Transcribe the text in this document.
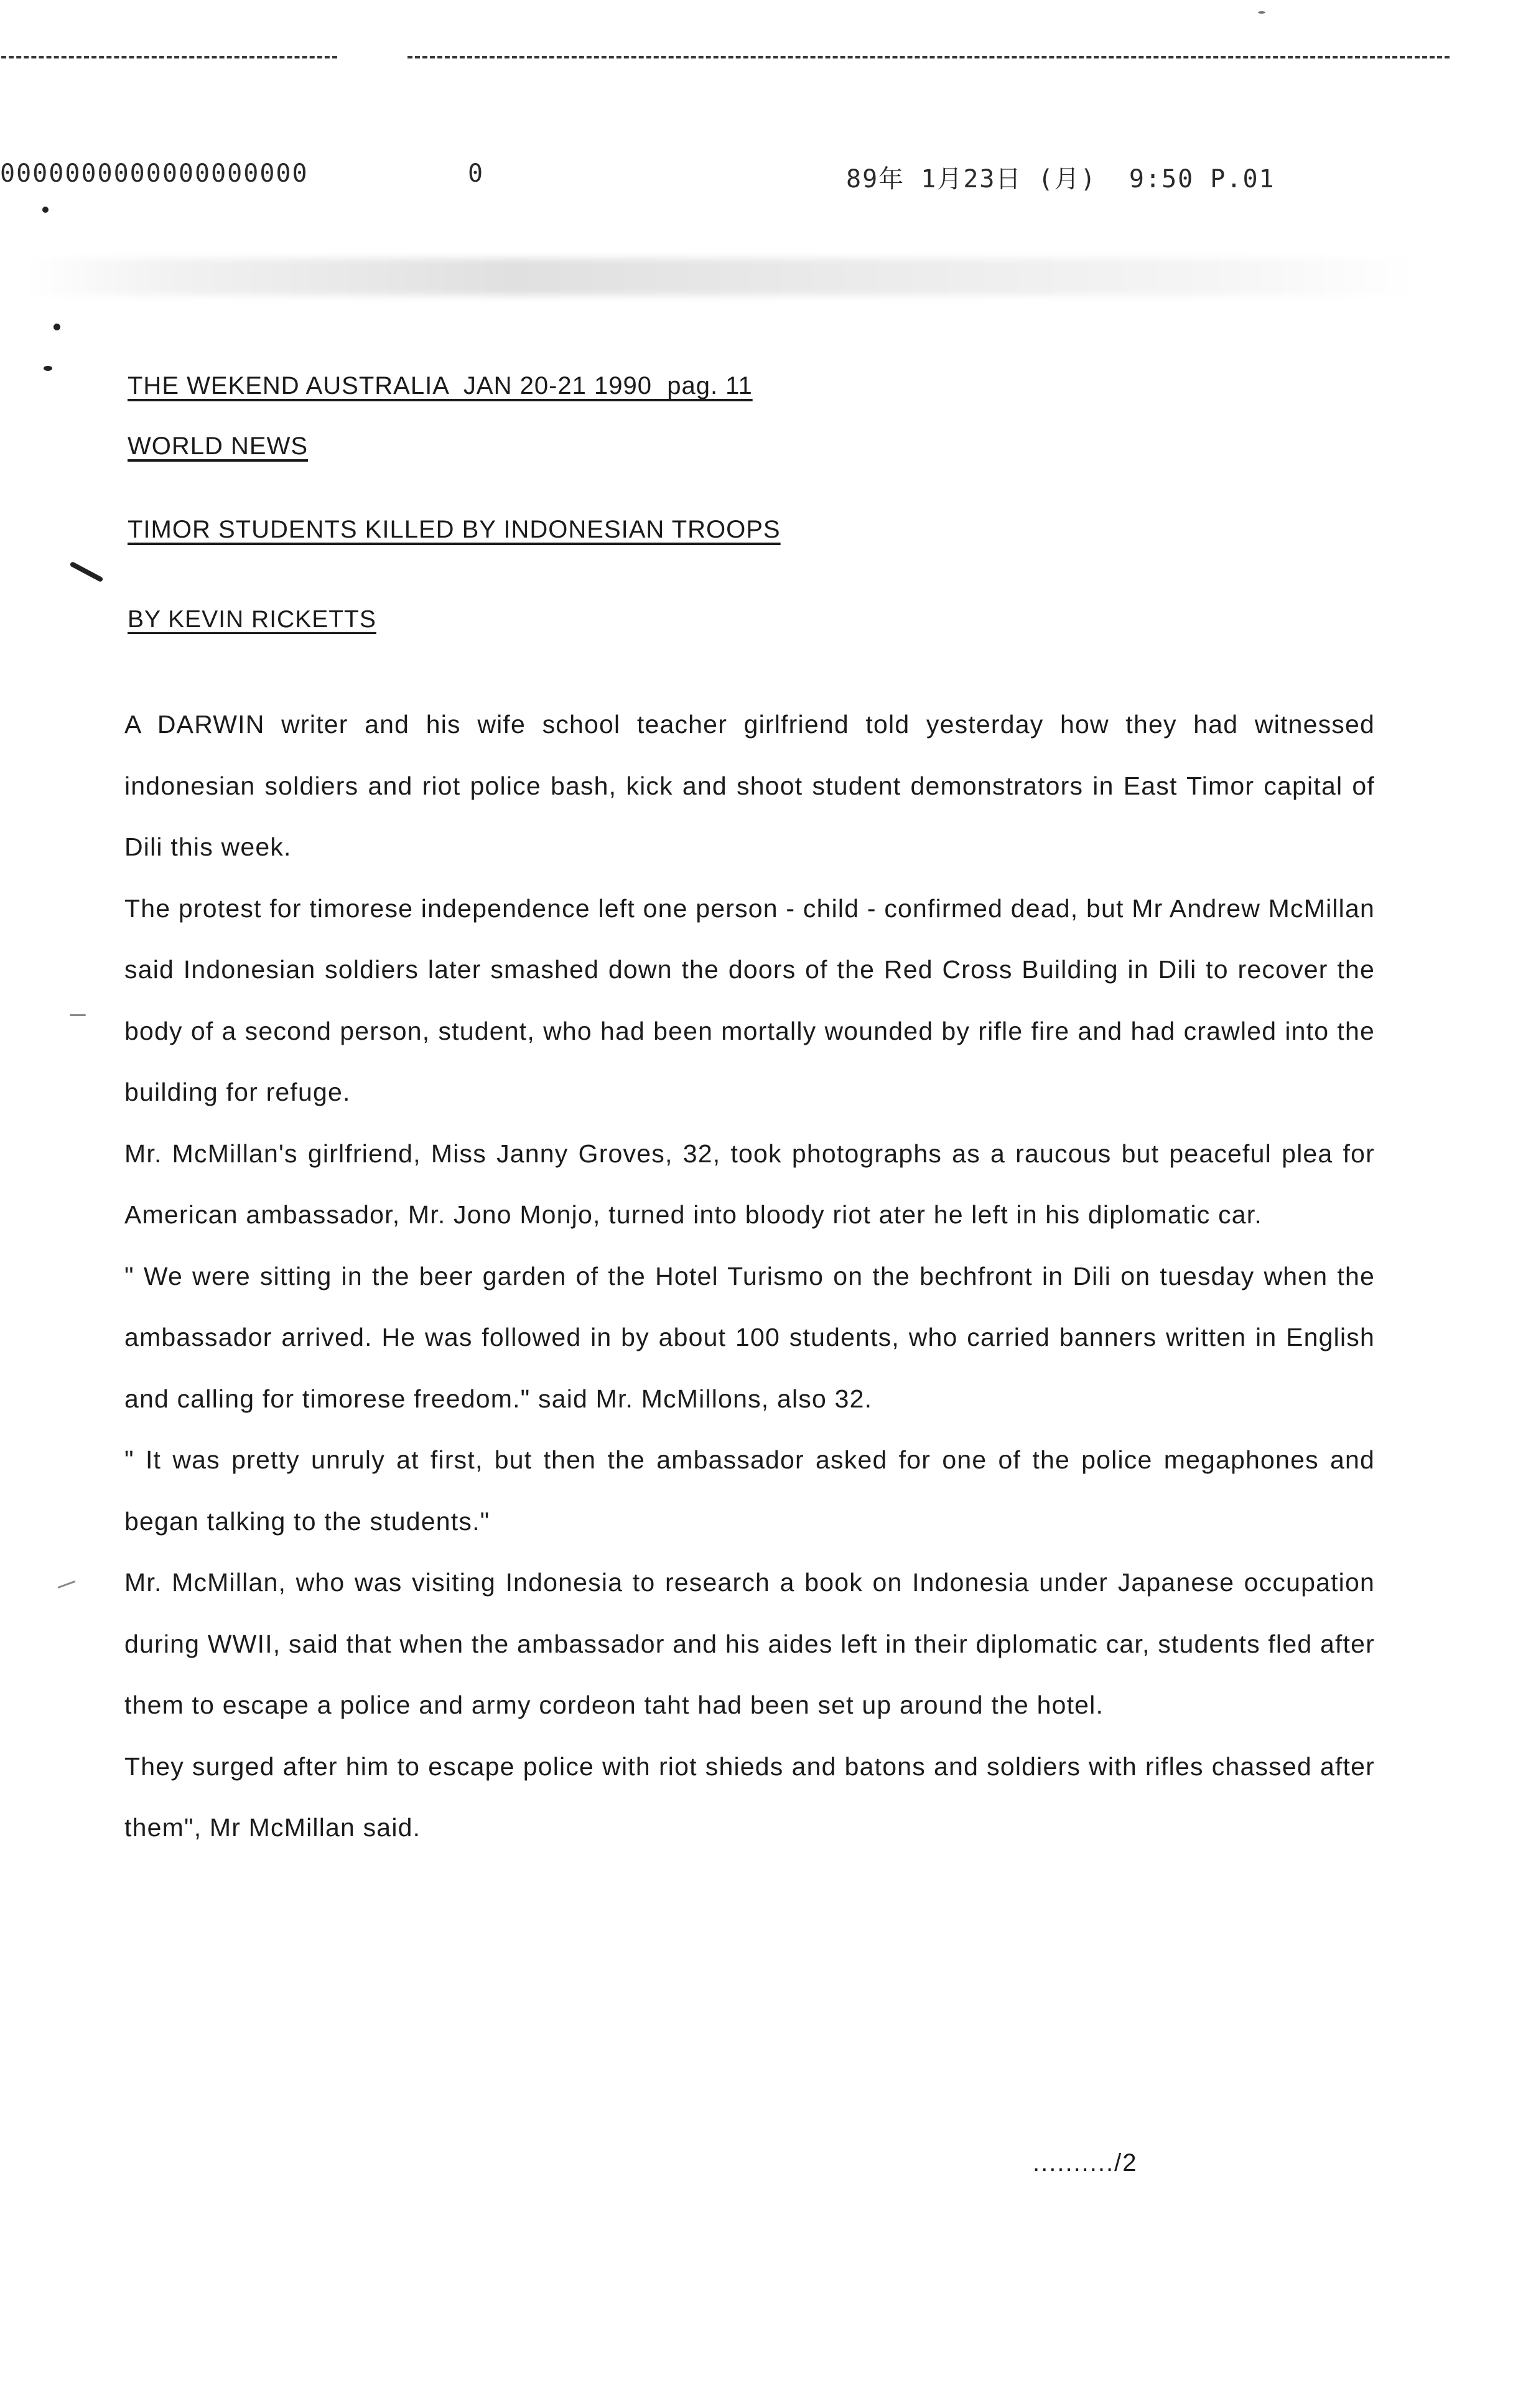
0000000000000000000	0	89年 1月23日 (月)  9:50 P.01
THE WEKEND AUSTRALIA  JAN 20-21 1990  pag. 11
WORLD NEWS
TIMOR STUDENTS KILLED BY INDONESIAN TROOPS
BY KEVIN RICKETTS

A DARWIN writer and his wife school teacher girlfriend told yesterday how they had witnessed indonesian soldiers and riot police bash, kick and shoot student demonstrators in East Timor capital of Dili this week.

The protest for timorese independence left one person - child - confirmed dead, but Mr Andrew McMillan said Indonesian soldiers later smashed down the doors of the Red Cross Building in Dili to recover the body of a second person, student, who had been mortally wounded by rifle fire and had crawled into the building for refuge.

Mr. McMillan's girlfriend, Miss Janny Groves, 32, took photographs as a raucous but peaceful plea for American ambassador, Mr. Jono Monjo, turned into bloody riot ater he left in his diplomatic car.

" We were sitting in the beer garden of the Hotel Turismo on the bechfront in Dili on tuesday when the ambassador arrived. He was followed in by about 100 students, who carried banners written in English and calling for timorese freedom." said Mr. McMillons, also 32.

" It was pretty unruly at first, but then the ambassador asked for one of the police megaphones and began talking to the students."

Mr. McMillan, who was visiting Indonesia to research a book on Indonesia under Japanese occupation during WWII, said that when the ambassador and his aides left in their diplomatic car, students fled after them to escape a police and army cordeon taht had been set up around the hotel.

They surged after him to escape police with riot shieds and batons and soldiers with rifles chassed after them", Mr McMillan said.

........../2
